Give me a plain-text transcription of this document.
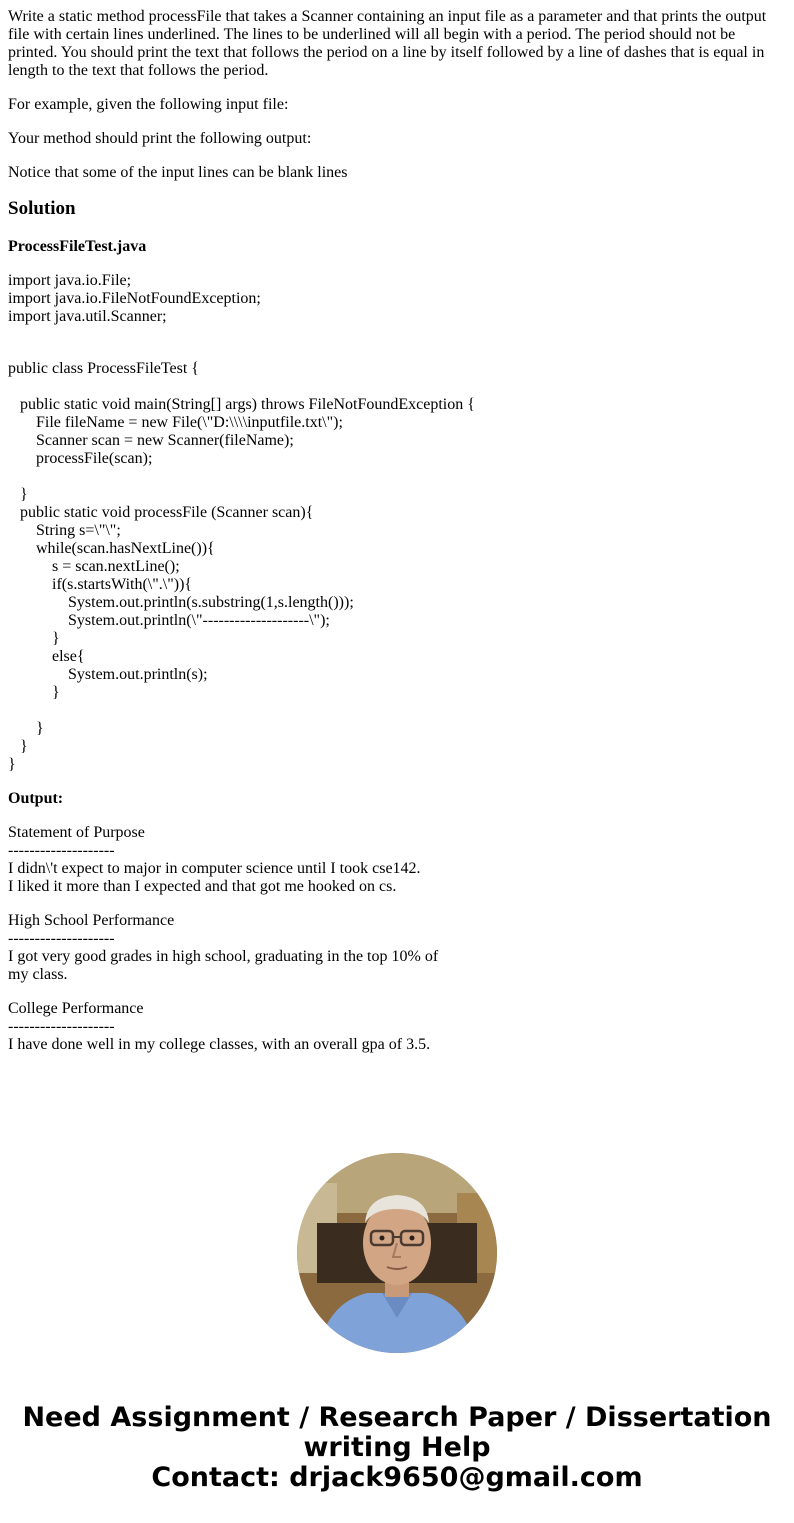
Write a static method processFile that takes a Scanner containing an input file as a parameter and that prints the output file with certain lines underlined. The lines to be underlined will all begin with a period. The period should not be printed. You should print the text that follows the period on a line by itself followed by a line of dashes that is equal in length to the text that follows the period.

For example, given the following input file:

Your method should print the following output:

Notice that some of the input lines can be blank lines

Solution
ProcessFileTest.java
import java.io.File;
import java.io.FileNotFoundException;
import java.util.Scanner;
public class ProcessFileTest {

public static void main(String[] args) throws FileNotFoundException {
File fileName = new File(\"D:\\\\inputfile.txt\");
Scanner scan = new Scanner(fileName);
processFile(scan);

}
public static void processFile (Scanner scan){
String s=\"\";
while(scan.hasNextLine()){
s = scan.nextLine();
if(s.startsWith(\".\")){
System.out.println(s.substring(1,s.length()));
System.out.println(\"--------------------\");
}
else{
System.out.println(s);
}

}
}
}
Output:
Statement of Purpose
--------------------
I didn\'t expect to major in computer science until I took cse142.
I liked it more than I expected and that got me hooked on cs.
High School Performance
--------------------
I got very good grades in high school, graduating in the top 10% of
my class.
College Performance
--------------------
I have done well in my college classes, with an overall gpa of 3.5.
Need Assignment / Research Paper / Dissertation
writing Help
Contact: drjack9650@gmail.com
